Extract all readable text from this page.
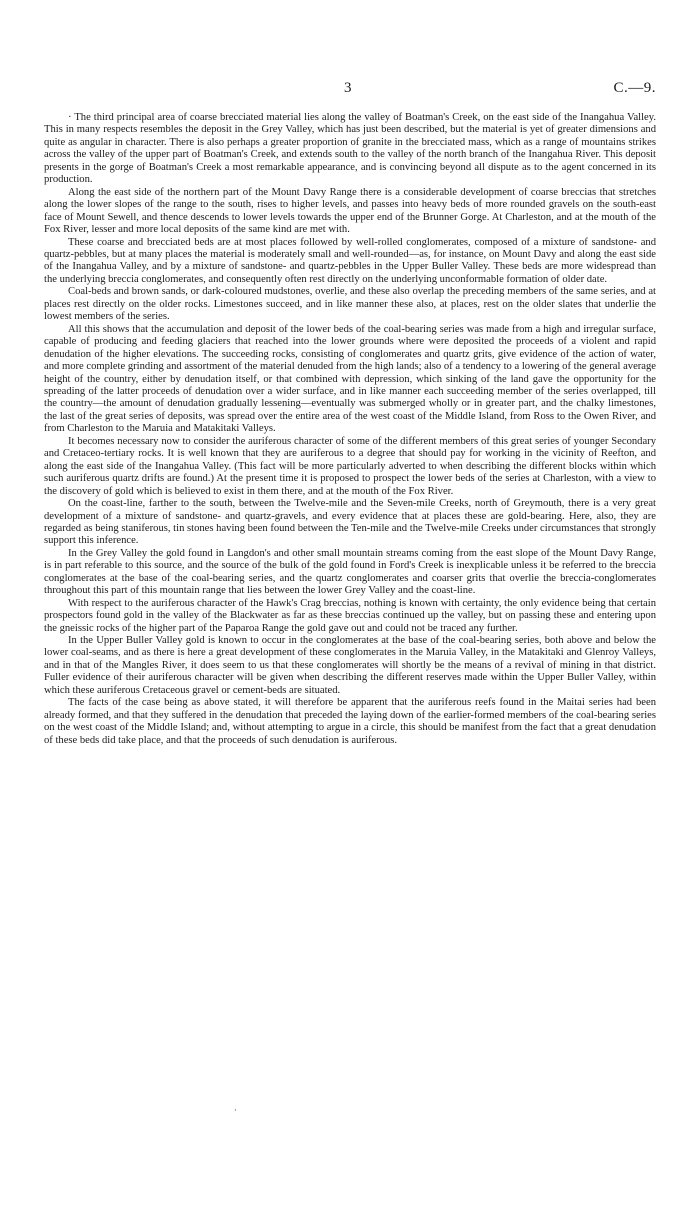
3	C.—9.

· The third principal area of coarse brecciated material lies along the valley of Boatman's Creek, on the east side of the Inangahua Valley. This in many respects resembles the deposit in the Grey Valley, which has just been described, but the material is yet of greater dimensions and quite as angular in character. There is also perhaps a greater proportion of granite in the brecciated mass, which as a range of mountains strikes across the valley of the upper part of Boatman's Creek, and extends south to the valley of the north branch of the Inangahua River. This deposit presents in the gorge of Boatman's Creek a most remarkable appearance, and is convincing beyond all dispute as to the agent concerned in its production.

Along the east side of the northern part of the Mount Davy Range there is a considerable development of coarse breccias that stretches along the lower slopes of the range to the south, rises to higher levels, and passes into heavy beds of more rounded gravels on the south-east face of Mount Sewell, and thence descends to lower levels towards the upper end of the Brunner Gorge. At Charleston, and at the mouth of the Fox River, lesser and more local deposits of the same kind are met with.

These coarse and brecciated beds are at most places followed by well-rolled conglomerates, composed of a mixture of sandstone- and quartz-pebbles, but at many places the material is moderately small and well-rounded—as, for instance, on Mount Davy and along the east side of the Inangahua Valley, and by a mixture of sandstone- and quartz-pebbles in the Upper Buller Valley. These beds are more widespread than the underlying breccia conglomerates, and consequently often rest directly on the underlying unconformable formation of older date.

Coal-beds and brown sands, or dark-coloured mudstones, overlie, and these also overlap the preceding members of the same series, and at places rest directly on the older rocks. Limestones succeed, and in like manner these also, at places, rest on the older slates that underlie the lowest members of the series.

All this shows that the accumulation and deposit of the lower beds of the coal-bearing series was made from a high and irregular surface, capable of producing and feeding glaciers that reached into the lower grounds where were deposited the proceeds of a violent and rapid denudation of the higher elevations. The succeeding rocks, consisting of conglomerates and quartz grits, give evidence of the action of water, and more complete grinding and assortment of the material denuded from the high lands; also of a tendency to a lowering of the general average height of the country, either by denudation itself, or that combined with depression, which sinking of the land gave the opportunity for the spreading of the latter proceeds of denudation over a wider surface, and in like manner each succeeding member of the series overlapped, till the country—the amount of denudation gradually lessening—eventually was submerged wholly or in greater part, and the chalky limestones, the last of the great series of deposits, was spread over the entire area of the west coast of the Middle Island, from Ross to the Owen River, and from Charleston to the Maruia and Matakitaki Valleys.

It becomes necessary now to consider the auriferous character of some of the different members of this great series of younger Secondary and Cretaceo-tertiary rocks. It is well known that they are auriferous to a degree that should pay for working in the vicinity of Reefton, and along the east side of the Inangahua Valley. (This fact will be more particularly adverted to when describing the different blocks within which such auriferous quartz drifts are found.) At the present time it is proposed to prospect the lower beds of the series at Charleston, with a view to the discovery of gold which is believed to exist in them there, and at the mouth of the Fox River.

On the coast-line, farther to the south, between the Twelve-mile and the Seven-mile Creeks, north of Greymouth, there is a very great development of a mixture of sandstone- and quartz-gravels, and every evidence that at places these are gold-bearing. Here, also, they are regarded as being staniferous, tin stones having been found between the Ten-mile and the Twelve-mile Creeks under circumstances that strongly support this inference.

In the Grey Valley the gold found in Langdon's and other small mountain streams coming from the east slope of the Mount Davy Range, is in part referable to this source, and the source of the bulk of the gold found in Ford's Creek is inexplicable unless it be referred to the breccia conglomerates at the base of the coal-bearing series, and the quartz conglomerates and coarser grits that overlie the breccia-conglomerates throughout this part of this mountain range that lies between the lower Grey Valley and the coast-line.

With respect to the auriferous character of the Hawk's Crag breccias, nothing is known with certainty, the only evidence being that certain prospectors found gold in the valley of the Blackwater as far as these breccias continued up the valley, but on passing these and entering upon the gneissic rocks of the higher part of the Paparoa Range the gold gave out and could not be traced any further.

In the Upper Buller Valley gold is known to occur in the conglomerates at the base of the coal-bearing series, both above and below the lower coal-seams, and as there is here a great development of these conglomerates in the Maruia Valley, in the Matakitaki and Glenroy Valleys, and in that of the Mangles River, it does seem to us that these conglomerates will shortly be the means of a revival of mining in that district. Fuller evidence of their auriferous character will be given when describing the different reserves made within the Upper Buller Valley, within which these auriferous Cretaceous gravel or cement-beds are situated.

The facts of the case being as above stated, it will therefore be apparent that the auriferous reefs found in the Maitai series had been already formed, and that they suffered in the denudation that preceded the laying down of the earlier-formed members of the coal-bearing series on the west coast of the Middle Island; and, without attempting to argue in a circle, this should be manifest from the fact that a great denudation of these beds did take place, and that the proceeds of such denudation is auriferous.

·
